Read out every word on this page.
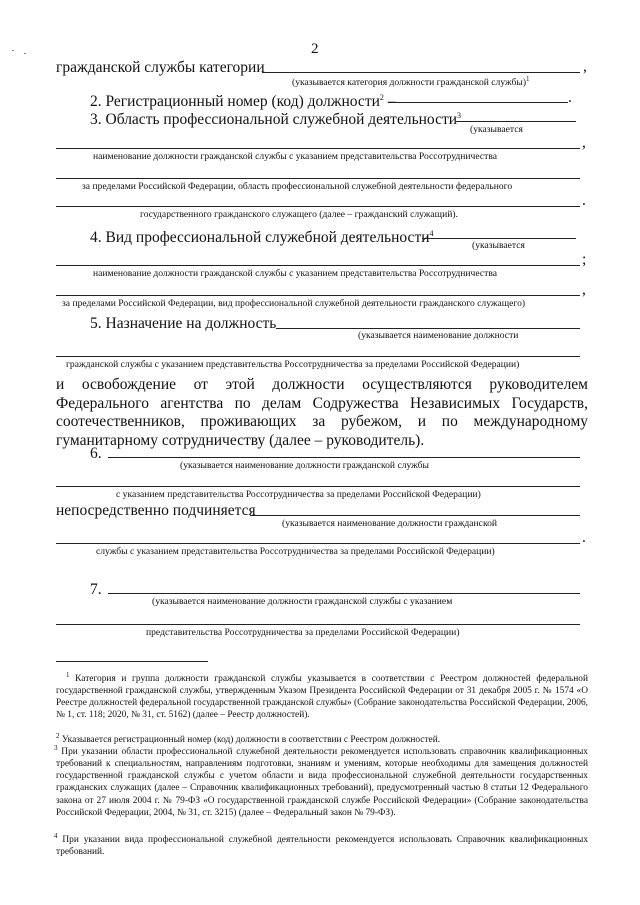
2
гражданской службы категории	,
(указывается категория должности гражданской службы)$^1$
2. Регистрационный номер (код) должности$^2$ –	.
3. Область профессиональной служебной деятельности$^3$
(указывается
,
наименование должности гражданской службы с указанием представительства Россотрудничества
за пределами Российской Федерации, область профессиональной служебной деятельности федерального
.
государственного гражданского служащего (далее – гражданский служащий).
4. Вид профессиональной служебной деятельности$^4$
(указывается
;
наименование должности гражданской службы с указанием представительства Россотрудничества
,
за пределами Российской Федерации, вид профессиональной служебной деятельности гражданского служащего)
5. Назначение на должность
(указывается наименование должности
гражданской службы с указанием представительства Россотрудничества за пределами Российской Федерации)
и освобождение от этой должности осуществляются руководителем Федерального агентства по делам Содружества Независимых Государств, соотечественников, проживающих за рубежом, и по международному гуманитарному сотрудничеству (далее – руководитель).
6.
(указывается наименование должности гражданской службы
с указанием представительства Россотрудничества за пределами Российской Федерации)
непосредственно подчиняется
(указывается наименование должности гражданской
.
службы с указанием представительства Россотрудничества за пределами Российской Федерации)
7.
(указывается наименование должности гражданской службы с указанием
представительства Россотрудничества за пределами Российской Федерации)
$^1$ Категория и группа должности гражданской службы указывается в соответствии с Реестром должностей федеральной государственной гражданской службы, утвержденным Указом Президента Российской Федерации от 31 декабря 2005 г. № 1574 «О Реестре должностей федеральной государственной гражданской службы» (Собрание законодательства Российской Федерации, 2006, № 1, ст. 118; 2020, № 31, ст. 5162) (далее – Реестр должностей).
$^2$ Указывается регистрационный номер (код) должности в соответствии с Реестром должностей.
$^3$ При указании области профессиональной служебной деятельности рекомендуется использовать справочник квалификационных требований к специальностям, направлениям подготовки, знаниям и умениям, которые необходимы для замещения должностей государственной гражданской службы с учетом области и вида профессиональной служебной деятельности государственных гражданских служащих (далее – Справочник квалификационных требований), предусмотренный частью 8 статьи 12 Федерального закона от 27 июля 2004 г. № 79-ФЗ «О государственной гражданской службе Российской Федерации» (Собрание законодательства Российской Федерации, 2004, № 31, ст. 3215) (далее – Федеральный закон № 79-ФЗ).
$^4$ При указании вида профессиональной служебной деятельности рекомендуется использовать Справочник квалификационных требований.
